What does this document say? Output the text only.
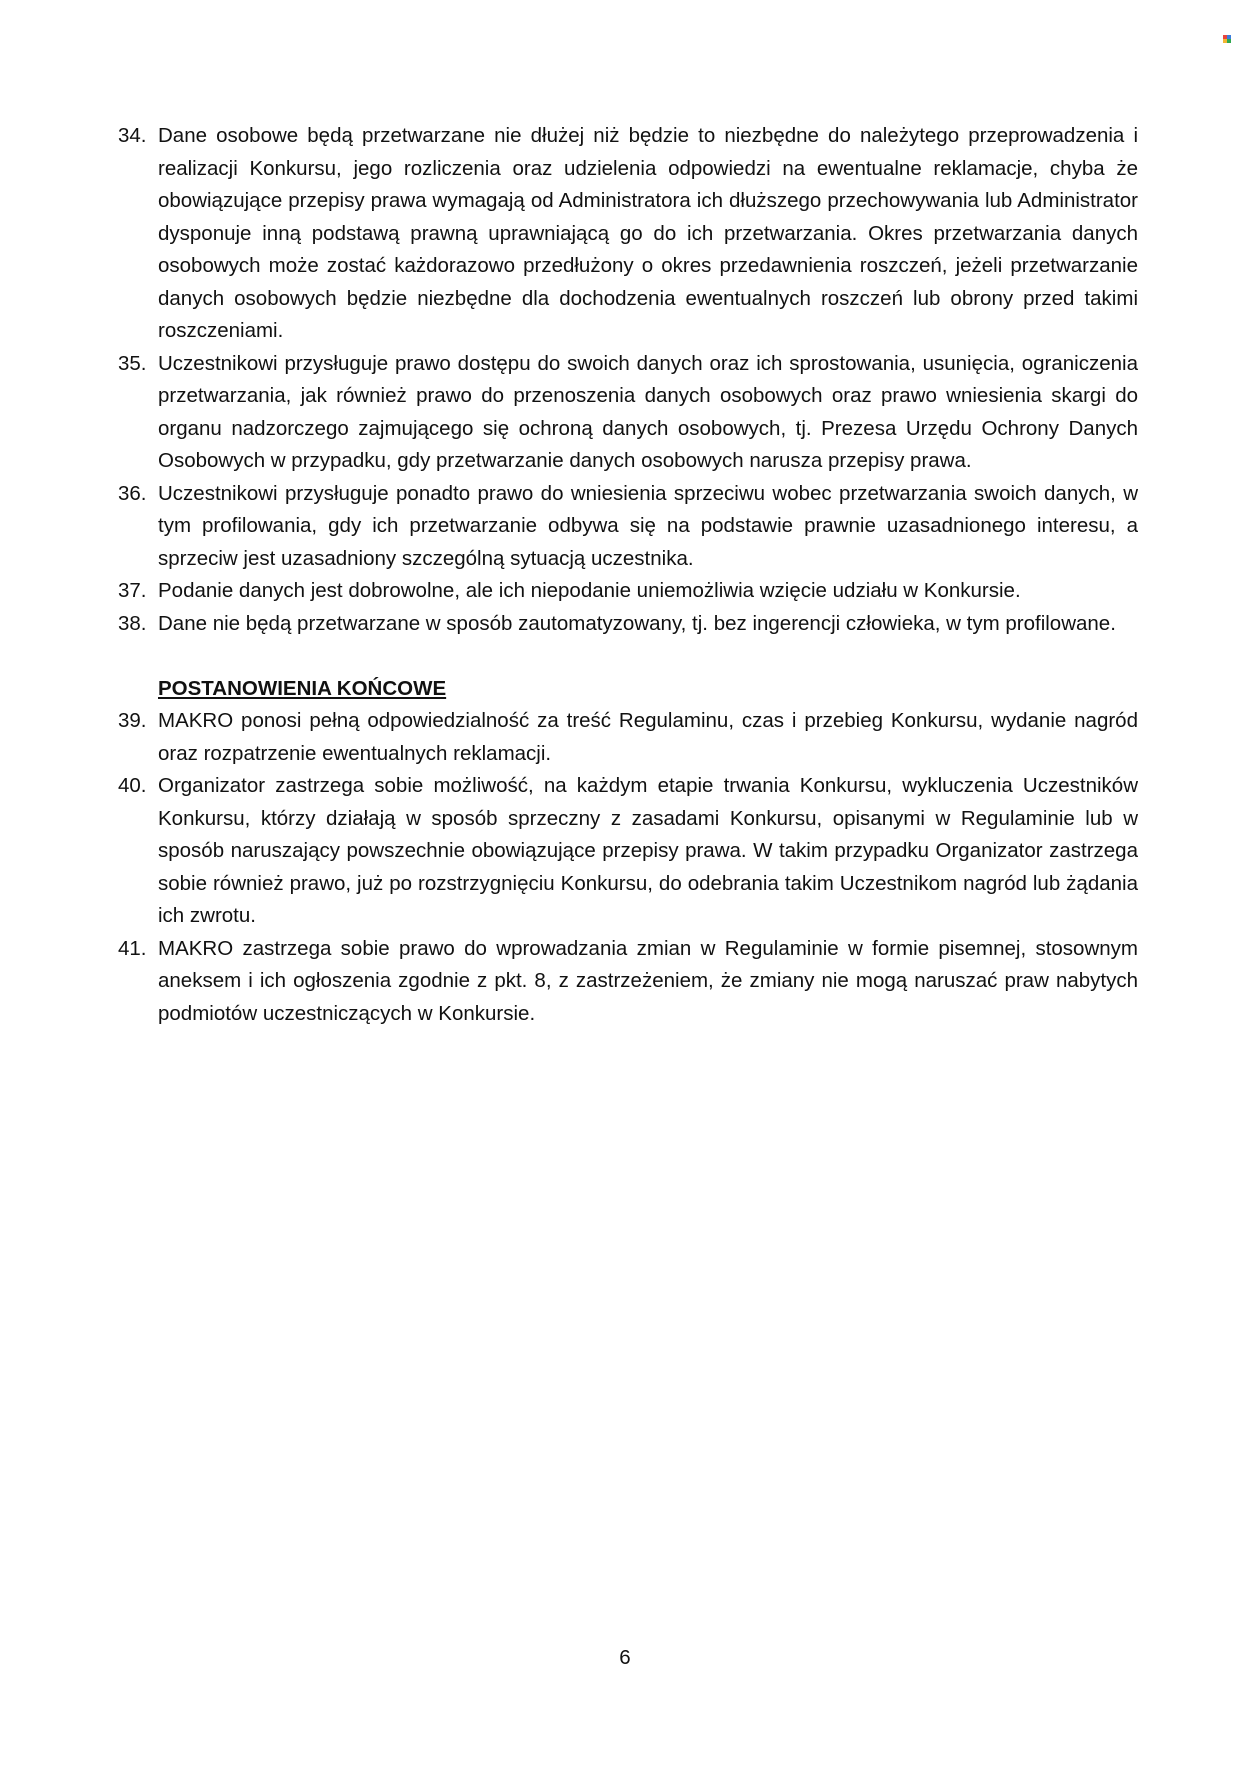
34. Dane osobowe będą przetwarzane nie dłużej niż będzie to niezbędne do należytego przeprowadzenia i realizacji Konkursu, jego rozliczenia oraz udzielenia odpowiedzi na ewentualne reklamacje, chyba że obowiązujące przepisy prawa wymagają od Administratora ich dłuższego przechowywania lub Administrator dysponuje inną podstawą prawną uprawniającą go do ich przetwarzania. Okres przetwarzania danych osobowych może zostać każdorazowo przedłużony o okres przedawnienia roszczeń, jeżeli przetwarzanie danych osobowych będzie niezbędne dla dochodzenia ewentualnych roszczeń lub obrony przed takimi roszczeniami.
35. Uczestnikowi przysługuje prawo dostępu do swoich danych oraz ich sprostowania, usunięcia, ograniczenia przetwarzania, jak również prawo do przenoszenia danych osobowych oraz prawo wniesienia skargi do organu nadzorczego zajmującego się ochroną danych osobowych, tj. Prezesa Urzędu Ochrony Danych Osobowych w przypadku, gdy przetwarzanie danych osobowych narusza przepisy prawa.
36. Uczestnikowi przysługuje ponadto prawo do wniesienia sprzeciwu wobec przetwarzania swoich danych, w tym profilowania, gdy ich przetwarzanie odbywa się na podstawie prawnie uzasadnionego interesu, a sprzeciw jest uzasadniony szczególną sytuacją uczestnika.
37. Podanie danych jest dobrowolne, ale ich niepodanie uniemożliwia wzięcie udziału w Konkursie.
38. Dane nie będą przetwarzane w sposób zautomatyzowany, tj. bez ingerencji człowieka, w tym profilowane.
POSTANOWIENIA KOŃCOWE
39. MAKRO ponosi pełną odpowiedzialność za treść Regulaminu, czas i przebieg Konkursu, wydanie nagród oraz rozpatrzenie ewentualnych reklamacji.
40. Organizator zastrzega sobie możliwość, na każdym etapie trwania Konkursu, wykluczenia Uczestników Konkursu, którzy działają w sposób sprzeczny z zasadami Konkursu, opisanymi w Regulaminie lub w sposób naruszający powszechnie obowiązujące przepisy prawa. W takim przypadku Organizator zastrzega sobie również prawo, już po rozstrzygnięciu Konkursu, do odebrania takim Uczestnikom nagród lub żądania ich zwrotu.
41. MAKRO zastrzega sobie prawo do wprowadzania zmian w Regulaminie w formie pisemnej, stosownym aneksem i ich ogłoszenia zgodnie z pkt. 8, z zastrzeżeniem, że zmiany nie mogą naruszać praw nabytych podmiotów uczestniczących w Konkursie.
6
